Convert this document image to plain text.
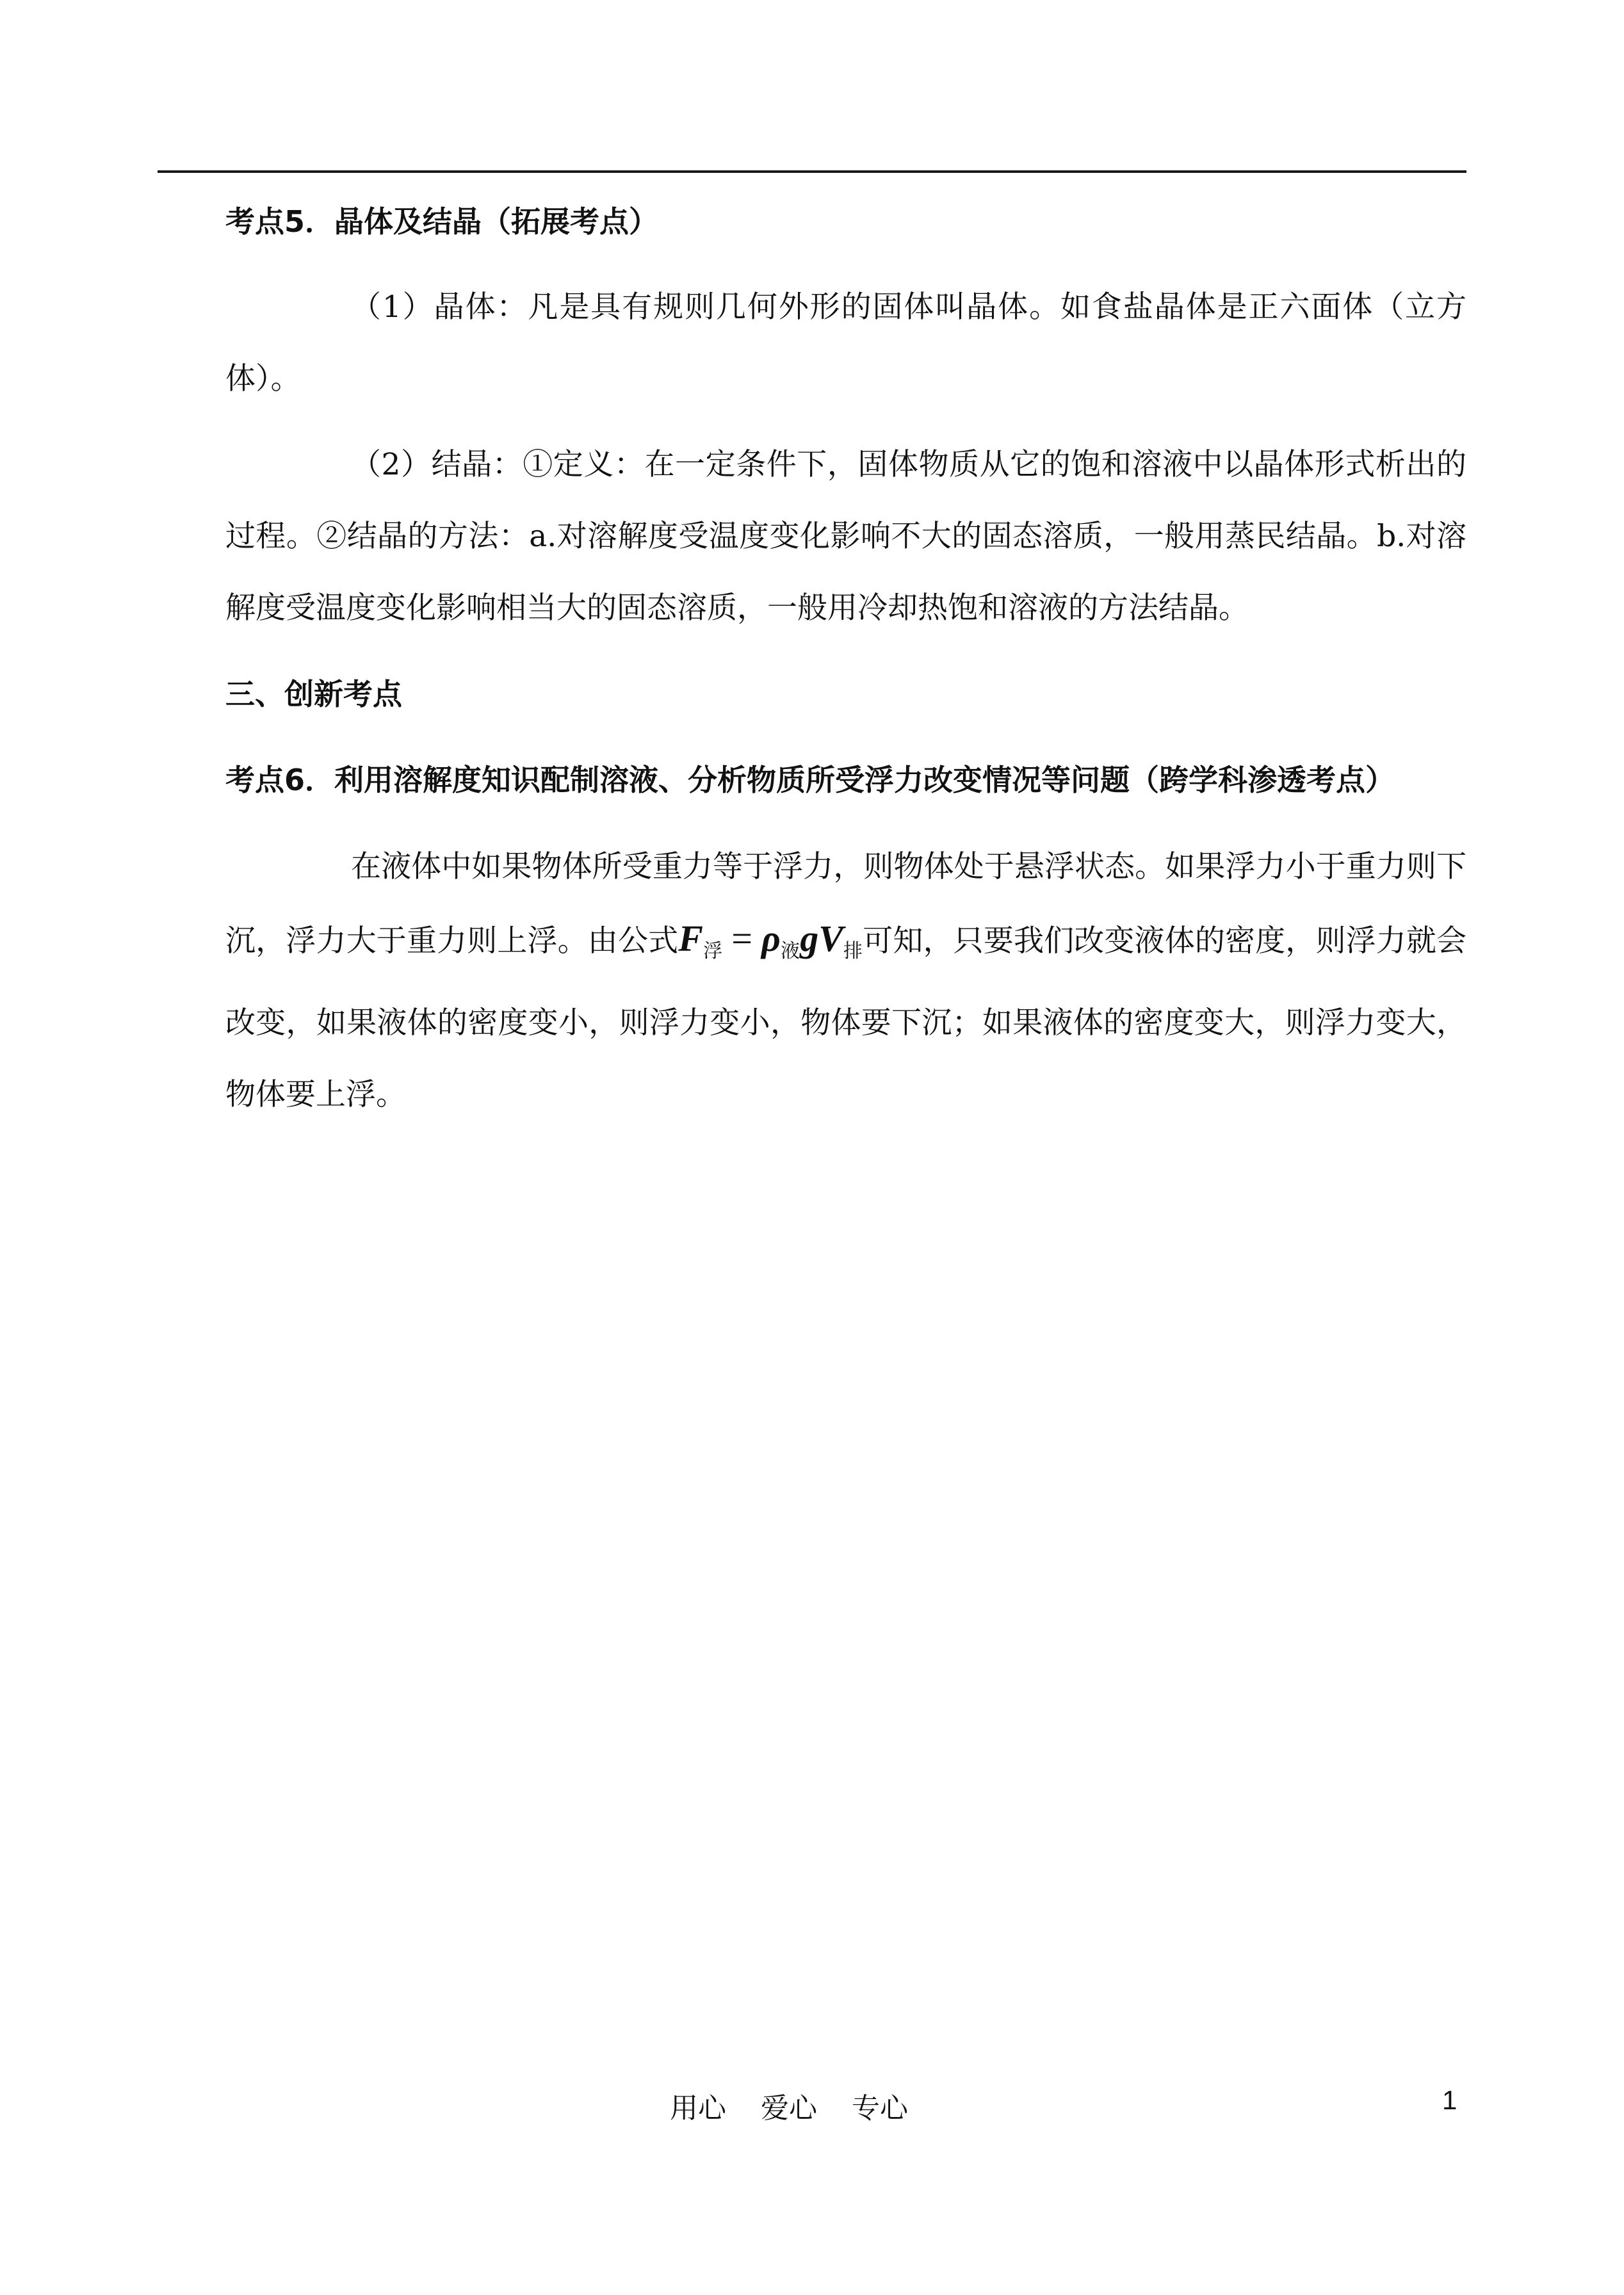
考点5．晶体及结晶（拓展考点）

（1）晶体：凡是具有规则几何外形的固体叫晶体。如食盐晶体是正六面体（立方体）。

（2）结晶：①定义：在一定条件下，固体物质从它的饱和溶液中以晶体形式析出的过程。②结晶的方法：a.对溶解度受温度变化影响不大的固态溶质，一般用蒸民结晶。b.对溶解度受温度变化影响相当大的固态溶质，一般用冷却热饱和溶液的方法结晶。

三、创新考点

考点6．利用溶解度知识配制溶液、分析物质所受浮力改变情况等问题（跨学科渗透考点）

在液体中如果物体所受重力等于浮力，则物体处于悬浮状态。如果浮力小于重力则下沉，浮力大于重力则上浮。由公式$F_浮 = \rho_液gV_排$可知，只要我们改变液体的密度，则浮力就会改变，如果液体的密度变小，则浮力变小，物体要下沉；如果液体的密度变大，则浮力变大，物体要上浮。

用心 爱心 专心	1
